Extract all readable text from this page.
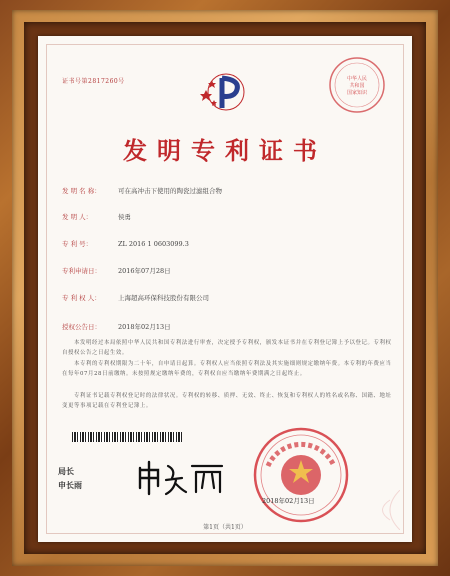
证书号第2817260号	中华人民
共和国
国家知识
发明专利证书
发 明 名 称：	可在高冲击下使用的陶瓷过滤组合物
发 明 人：	侯勇
专 利 号：	ZL 2016 1 0603099.3
专利申请日：	2016年07月28日
专 利 权 人：	上海超高环保科技股份有限公司
授权公告日：	2018年02月13日
本发明经过本局依照中华人民共和国专利法进行审查，决定授予专利权，颁发本证书并在专利登记簿上予以登记。专利权自授权公告之日起生效。
本专利的专利权期限为二十年，自申请日起算。专利权人应当依照专利法及其实施细则规定缴纳年费。本专利的年费应当在每年07月28日前缴纳。未按照规定缴纳年费的，专利权自应当缴纳年费期满之日起终止。
专利证书记载专利权登记时的法律状况。专利权的转移、质押、无效、终止、恢复和专利权人的姓名或名称、国籍、地址变更等事项记载在专利登记簿上。
局长
申长雨
2018年02月13日
第1页（共1页）
